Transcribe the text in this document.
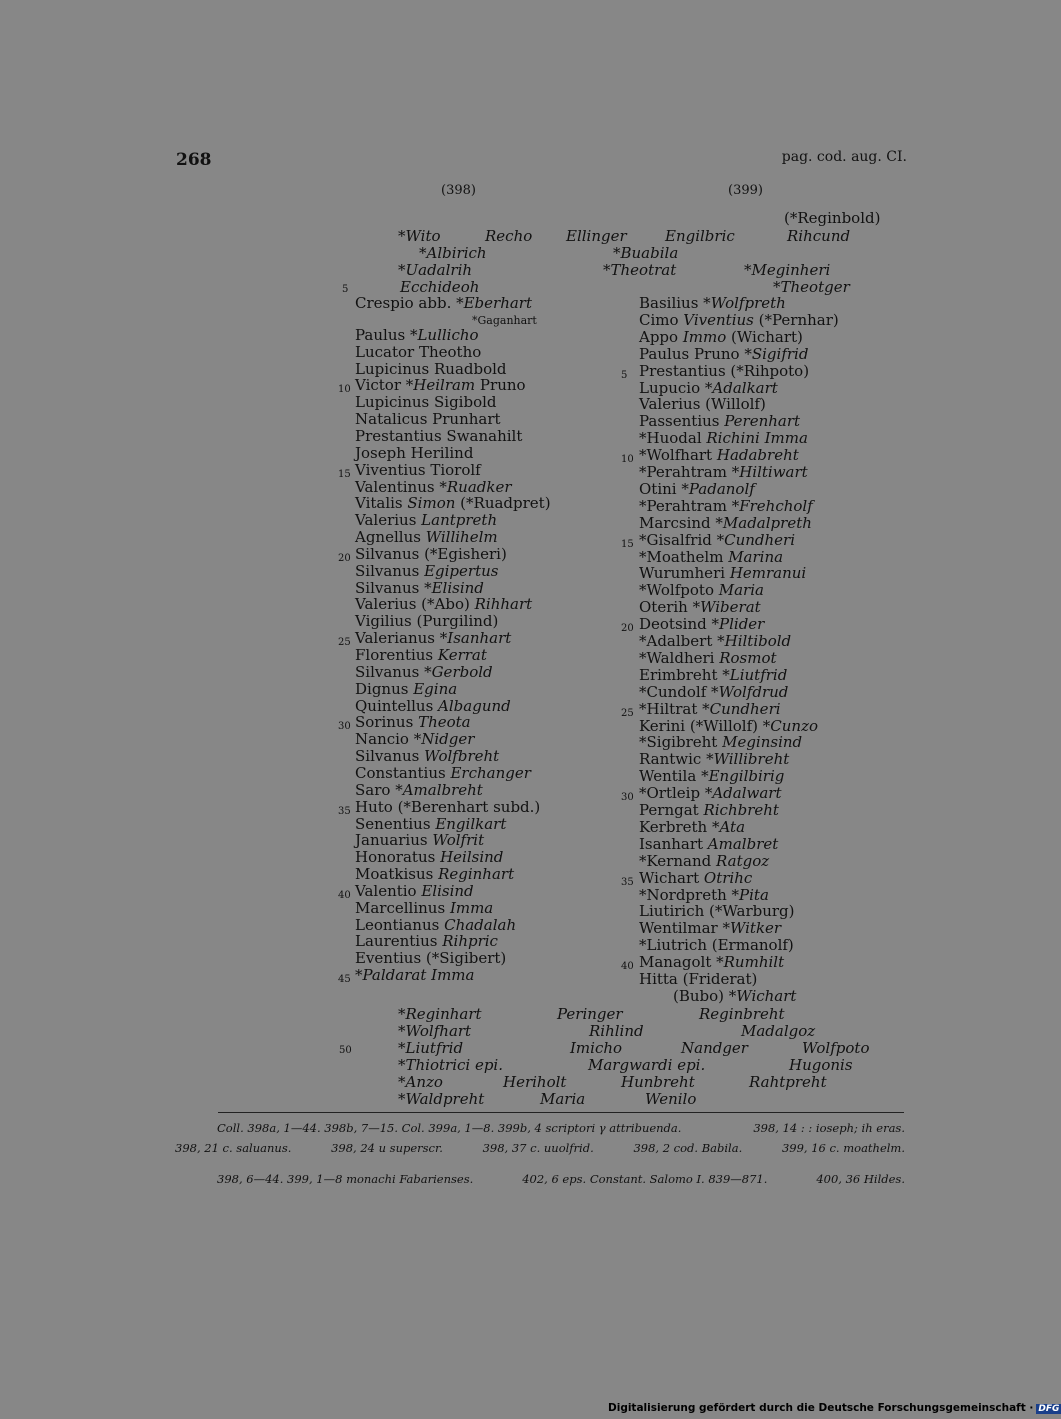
268	pag. cod. aug. CI.
(398)	(399)
(*Reginbold)
*Wito	Recho Ellinger	Engilbric	Rihcund
*Albirich	*Buabila
*Uadalrih	*Theotrat	*Meginheri
5	Ecchideoh	*Theotger
Crespio abb. *Eberhart
*Gaganhart
Paulus *Lullicho
Lucator Theotho
Lupicinus Ruadbold
10 Victor *Heilram Pruno
Lupicinus Sigibold
Natalicus Prunhart
Prestantius Swanahilt
Joseph Herilind
15 Viventius Tiorolf
Valentinus *Ruadker
Vitalis Simon (*Ruadpret)
Valerius Lantpreth
Agnellus Willihelm
20 Silvanus (*Egisheri)
Silvanus Egipertus
Silvanus *Elisind
Valerius (*Abo) Rihhart
Vigilius (Purgilind)
25 Valerianus *Isanhart
Florentius Kerrat
Silvanus *Gerbold
Dignus Egina
Quintellus Albagund
30 Sorinus Theota
Nancio *Nidger
Silvanus Wolfbreht
Constantius Erchanger
Saro *Amalbreht
35 Huto (*Berenhart subd.)
Senentius Engilkart
Januarius Wolfrit
Honoratus Heilsind
Moatkisus Reginhart
40 Valentio Elisind
Marcellinus Imma
Leontianus Chadalah
Laurentius Rihpric
Eventius (*Sigibert)
45 *Paldarat Imma
Basilius *Wolfpreth
Cimo Viventius (*Pernhar)
Appo Immo (Wichart)
Paulus Pruno *Sigifrid
5 Prestantius (*Rihpoto)
Lupucio *Adalkart
Valerius (Willolf)
Passentius Perenhart
*Huodal Richini Imma
10 *Wolfhart Hadabreht
*Perahtram *Hiltiwart
Otini *Padanolf
*Perahtram *Frehcholf
Marcsind *Madalpreth
15 *Gisalfrid *Cundheri
*Moathelm Marina
Wurumheri Hemranui
*Wolfpoto Maria
Oterih *Wiberat
20 Deotsind *Plider
*Adalbert *Hiltibold
*Waldheri Rosmot
Erimbreht *Liutfrid
*Cundolf *Wolfdrud
25 *Hiltrat *Cundheri
Kerini (*Willolf) *Cunzo
*Sigibreht Meginsind
Rantwic *Willibreht
Wentila *Engilbirig
30 *Ortleip *Adalwart
Perngat Richbreht
Kerbreth *Ata
Isanhart Amalbret
*Kernand Ratgoz
35 Wichart Otrihc
*Nordpreth *Pita
Liutirich (*Warburg)
Wentilmar *Witker
*Liutrich (Ermanolf)
40 Managolt *Rumhilt
Hitta (Friderat)
(Bubo) *Wichart
*Reginhart	Peringer	Reginbreht
*Wolfhart	Rihlind	Madalgoz
50	*Liutfrid	Imicho	Nandger	Wolfpoto
*Thiotrici epi.	Margwardi epi.	Hugonis
*Anzo	Heriholt	Hunbreht	Rahtpreht
*Waldpreht	Maria	Wenilo
Coll. 398a, 1—44. 398b, 7—15. Col. 399a, 1—8. 399b, 4 scriptori γ attribuenda.	398, 14 : : ioseph; ih eras.
398, 21 c. saluanus.	398, 24 u superscr.	398, 37 c. uuolfrid.	398, 2 cod. Babila.	399, 16 c. moathelm.
398, 6—44. 399, 1—8 monachi Fabarienses.	402, 6 eps. Constant. Salomo I. 839—871.	400, 36 Hildes.
Digitalisierung gefördert durch die Deutsche Forschungsgemeinschaft · DFG
